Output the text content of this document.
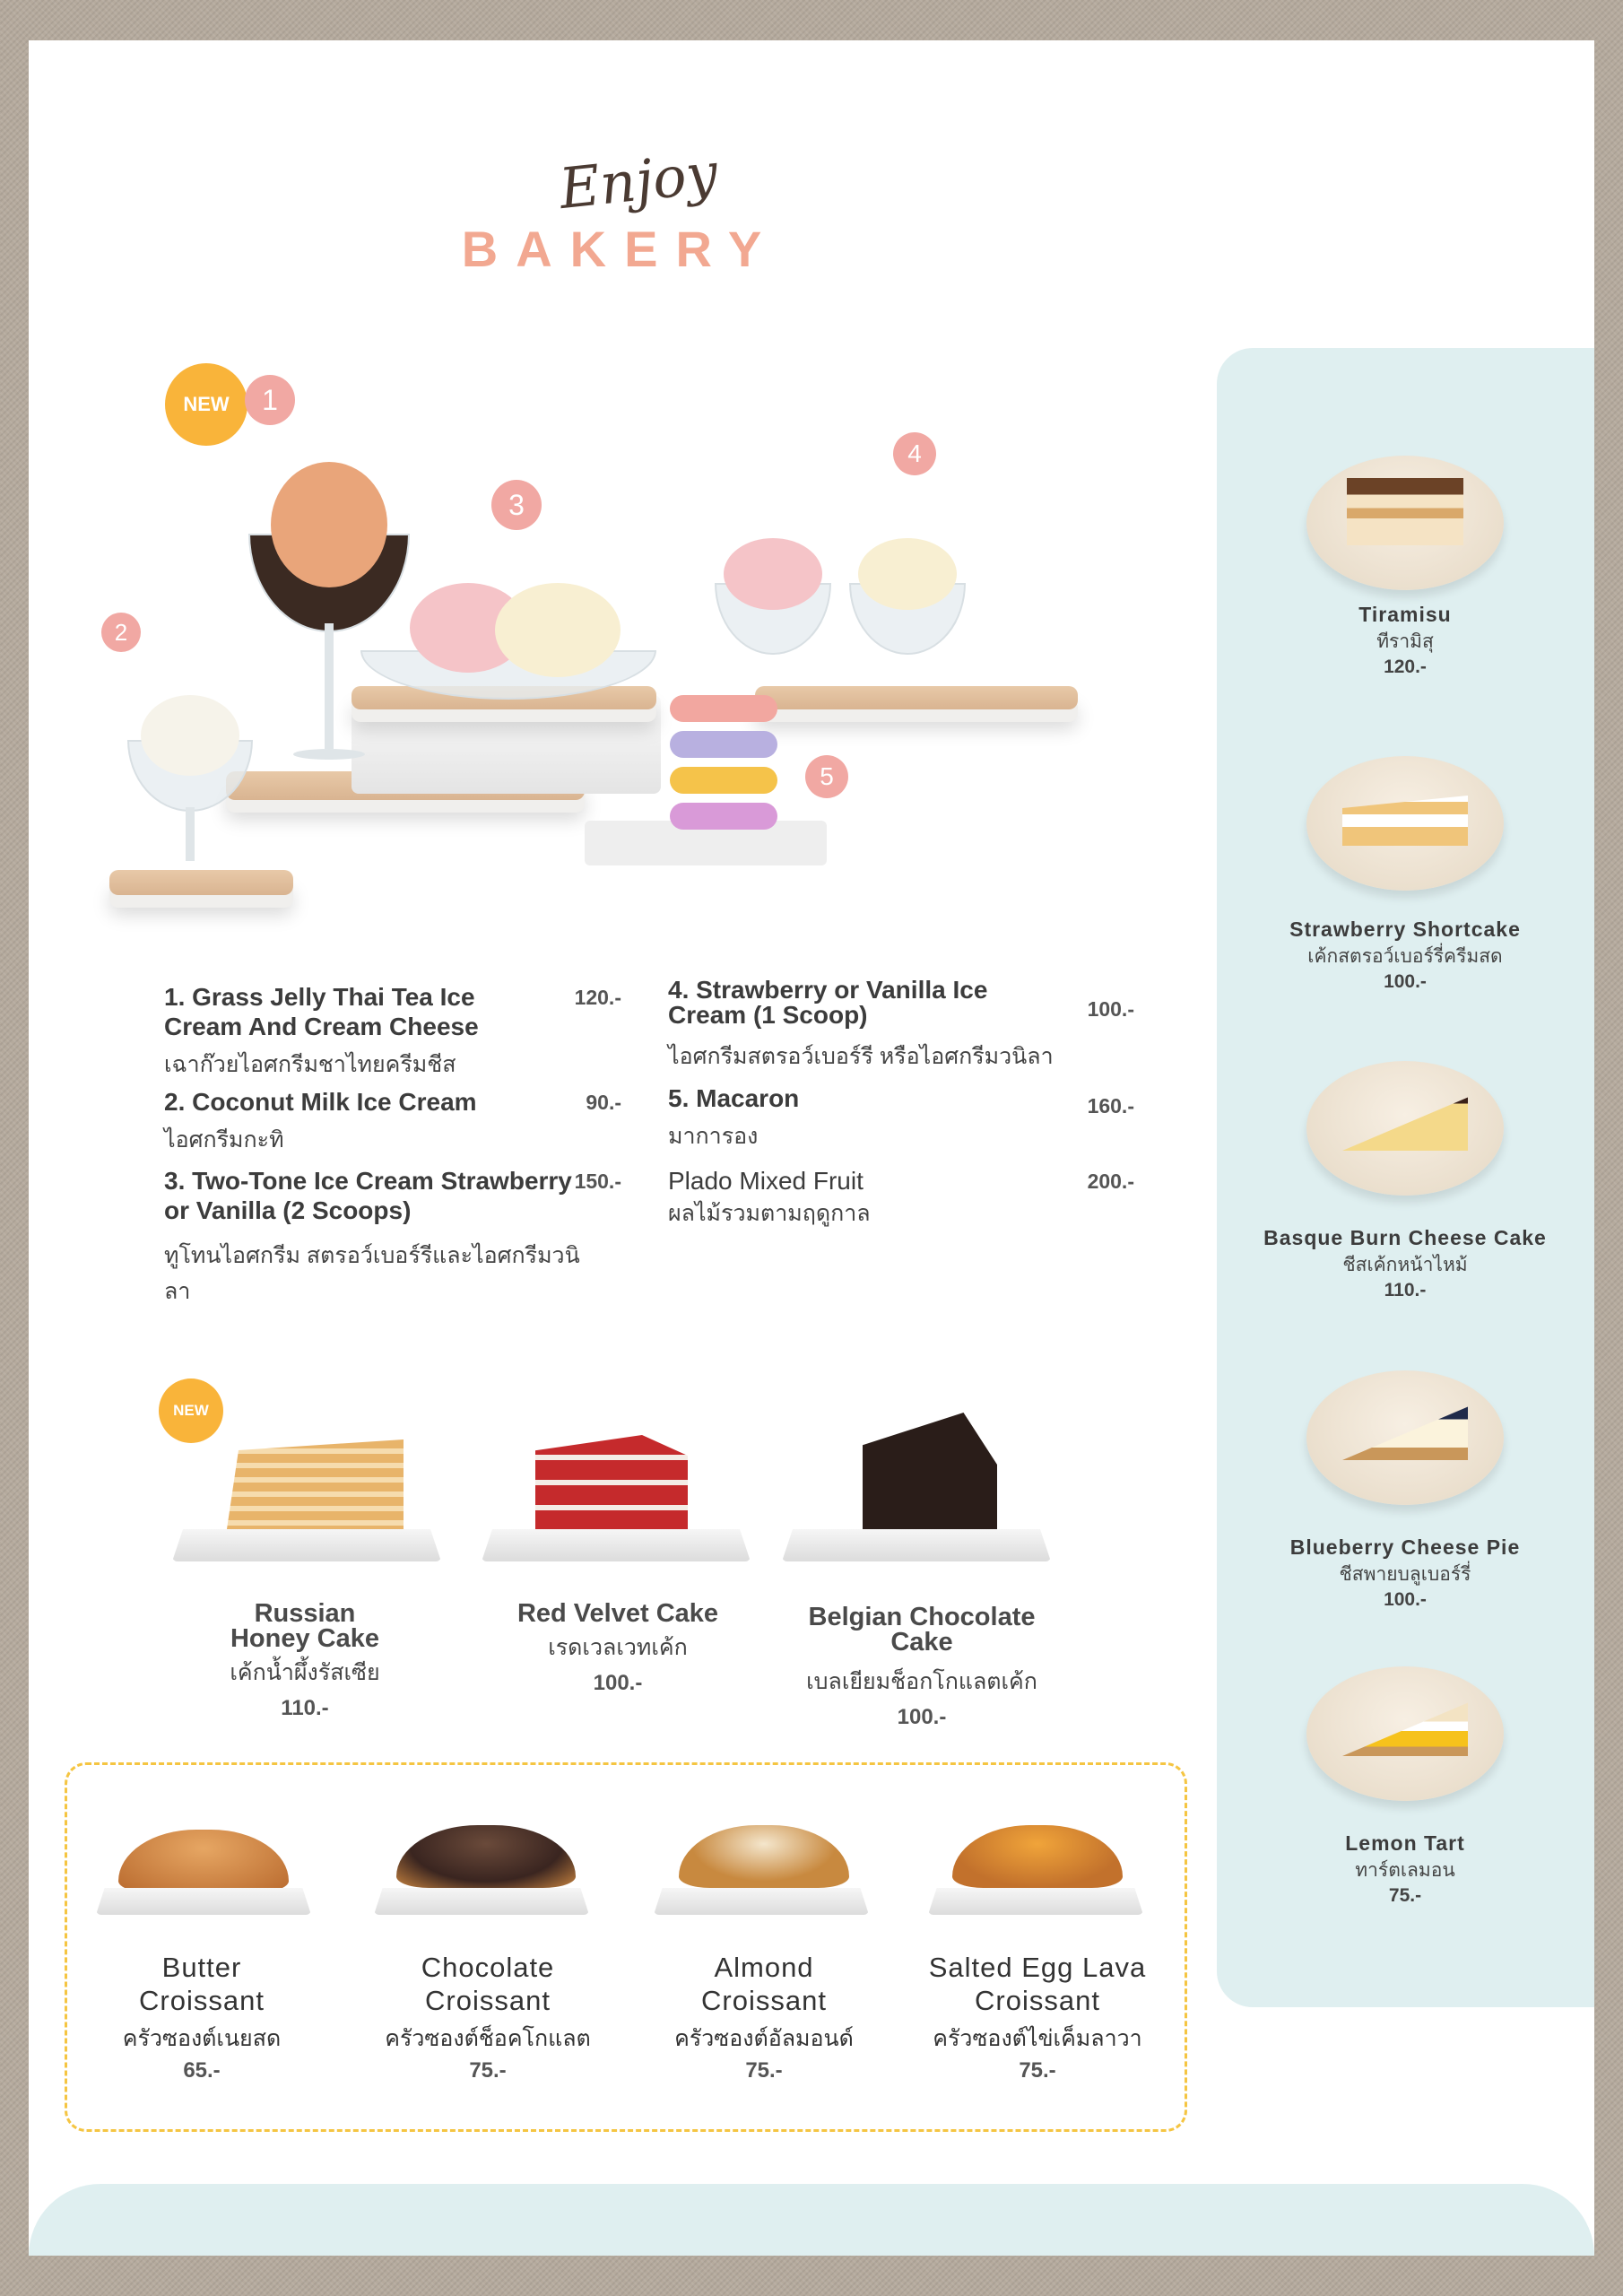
Enjoy
BAKERY
NEW	1
2
3
4
5
1. Grass Jelly Thai Tea Ice Cream And Cream Cheese
120.-
เฉาก๊วยไอศกรีมชาไทยครีมชีส
2. Coconut Milk Ice Cream	90.-
ไอศกรีมกะทิ
3. Two-Tone Ice Cream Strawberry or Vanilla (2 Scoops)
150.-
ทูโทนไอศกรีม สตรอว์เบอร์รีและไอศกรีมวนิลา
4. Strawberry or Vanilla Ice Cream (1 Scoop)	100.-
ไอศกรีมสตรอว์เบอร์รี หรือไอศกรีมวนิลา
5. Macaron	160.-
มาการอง
Plado Mixed Fruit	200.-
ผลไม้รวมตามฤดูกาล
NEW
Russian Honey Cake
เค้กน้ำผึ้งรัสเซีย
110.-
Red Velvet Cake
เรดเวลเวทเค้ก
100.-
Belgian Chocolate Cake
เบลเยียมช็อกโกแลตเค้ก
100.-
Butter Croissant
ครัวซองต์เนยสด
65.-
Chocolate Croissant
ครัวซองต์ช็อคโกแลต
75.-
Almond Croissant
ครัวซองต์อัลมอนด์
75.-
Salted Egg Lava Croissant
ครัวซองต์ไข่เค็มลาวา
75.-
Tiramisu
ทีรามิสุ
120.-
Strawberry Shortcake
เค้กสตรอว์เบอร์รี่ครีมสด
100.-
Basque Burn Cheese Cake
ชีสเค้กหน้าไหม้
110.-
Blueberry Cheese Pie
ชีสพายบลูเบอร์รี่
100.-
Lemon Tart
ทาร์ตเลมอน
75.-
